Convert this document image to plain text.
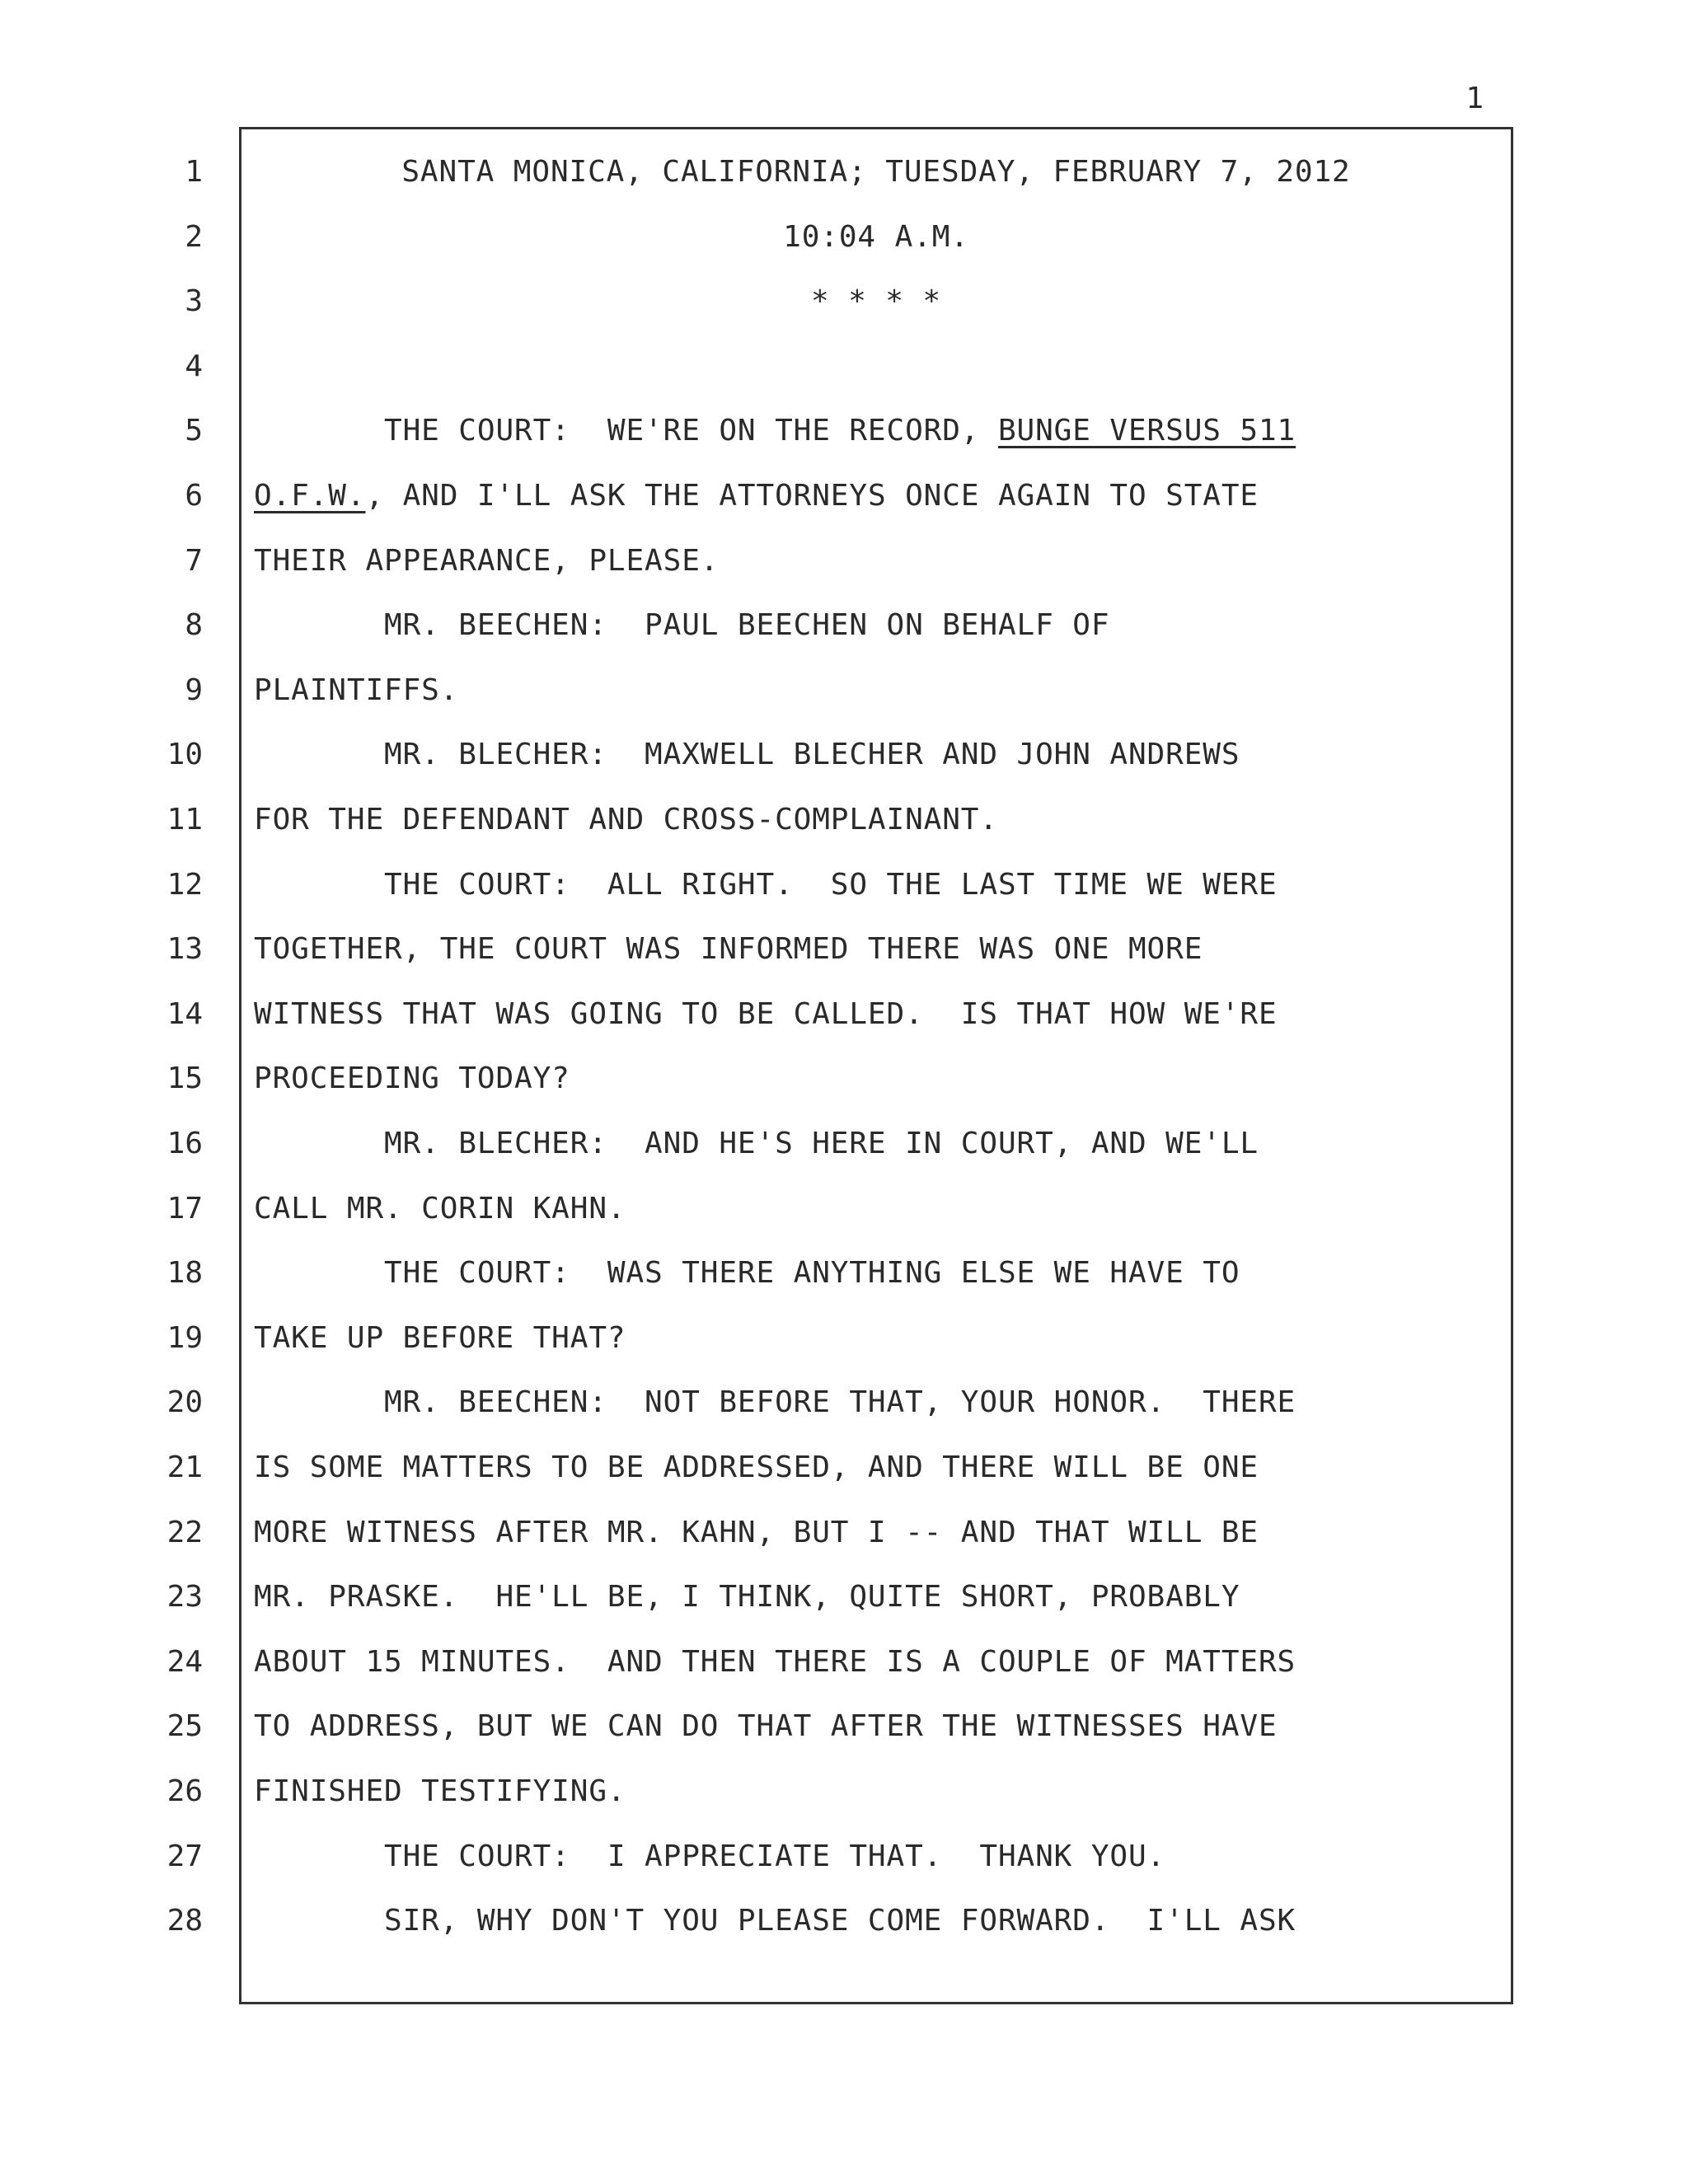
1
1	SANTA MONICA, CALIFORNIA; TUESDAY, FEBRUARY 7, 2012
2	10:04 A.M.
3	* * * *
4
5 THE COURT:  WE'RE ON THE RECORD, BUNGE VERSUS 511
6 O.F.W., AND I'LL ASK THE ATTORNEYS ONCE AGAIN TO STATE
7 THEIR APPEARANCE, PLEASE.
8 MR. BEECHEN:  PAUL BEECHEN ON BEHALF OF
9 PLAINTIFFS.
10 MR. BLECHER:  MAXWELL BLECHER AND JOHN ANDREWS
11 FOR THE DEFENDANT AND CROSS-COMPLAINANT.
12 THE COURT:  ALL RIGHT.  SO THE LAST TIME WE WERE
13 TOGETHER, THE COURT WAS INFORMED THERE WAS ONE MORE
14 WITNESS THAT WAS GOING TO BE CALLED.  IS THAT HOW WE'RE
15 PROCEEDING TODAY?
16 MR. BLECHER:  AND HE'S HERE IN COURT, AND WE'LL
17 CALL MR. CORIN KAHN.
18 THE COURT:  WAS THERE ANYTHING ELSE WE HAVE TO
19 TAKE UP BEFORE THAT?
20 MR. BEECHEN:  NOT BEFORE THAT, YOUR HONOR.  THERE
21 IS SOME MATTERS TO BE ADDRESSED, AND THERE WILL BE ONE
22 MORE WITNESS AFTER MR. KAHN, BUT I -- AND THAT WILL BE
23 MR. PRASKE.  HE'LL BE, I THINK, QUITE SHORT, PROBABLY
24 ABOUT 15 MINUTES.  AND THEN THERE IS A COUPLE OF MATTERS
25 TO ADDRESS, BUT WE CAN DO THAT AFTER THE WITNESSES HAVE
26 FINISHED TESTIFYING.
27 THE COURT:  I APPRECIATE THAT.  THANK YOU.
28 SIR, WHY DON'T YOU PLEASE COME FORWARD.  I'LL ASK
